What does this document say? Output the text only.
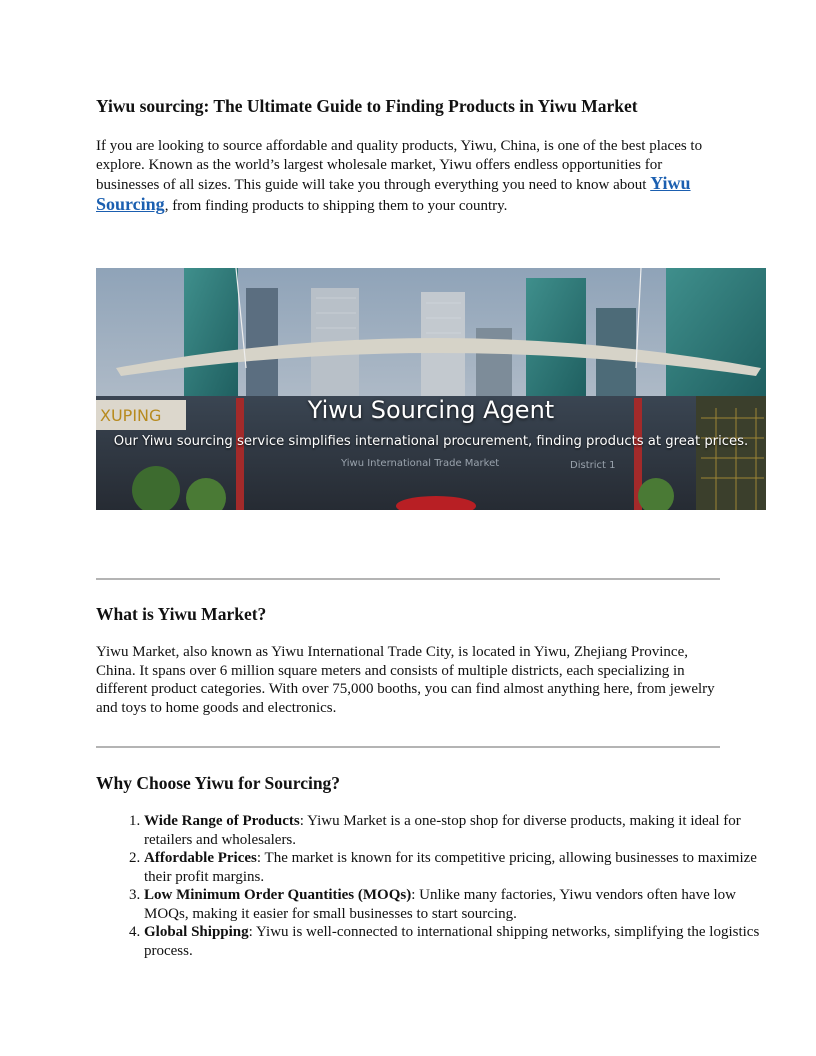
Yiwu sourcing: The Ultimate Guide to Finding Products in Yiwu Market

If you are looking to source affordable and quality products, Yiwu, China, is one of the best places to explore. Known as the world’s largest wholesale market, Yiwu offers endless opportunities for businesses of all sizes. This guide will take you through everything you need to know about Yiwu Sourcing, from finding products to shipping them to your country.

XUPING
Yiwu International Trade Market	District 1
Yiwu Sourcing Agent
Our Yiwu sourcing service simplifies international procurement, finding products at great prices.
What is Yiwu Market?

Yiwu Market, also known as Yiwu International Trade City, is located in Yiwu, Zhejiang Province, China. It spans over 6 million square meters and consists of multiple districts, each specializing in different product categories. With over 75,000 booths, you can find almost anything here, from jewelry and toys to home goods and electronics.

Why Choose Yiwu for Sourcing?
1. Wide Range of Products: Yiwu Market is a one-stop shop for diverse products, making it ideal for retailers and wholesalers.
2. Affordable Prices: The market is known for its competitive pricing, allowing businesses to maximize their profit margins.
3. Low Minimum Order Quantities (MOQs): Unlike many factories, Yiwu vendors often have low MOQs, making it easier for small businesses to start sourcing.
4. Global Shipping: Yiwu is well-connected to international shipping networks, simplifying the logistics process.
